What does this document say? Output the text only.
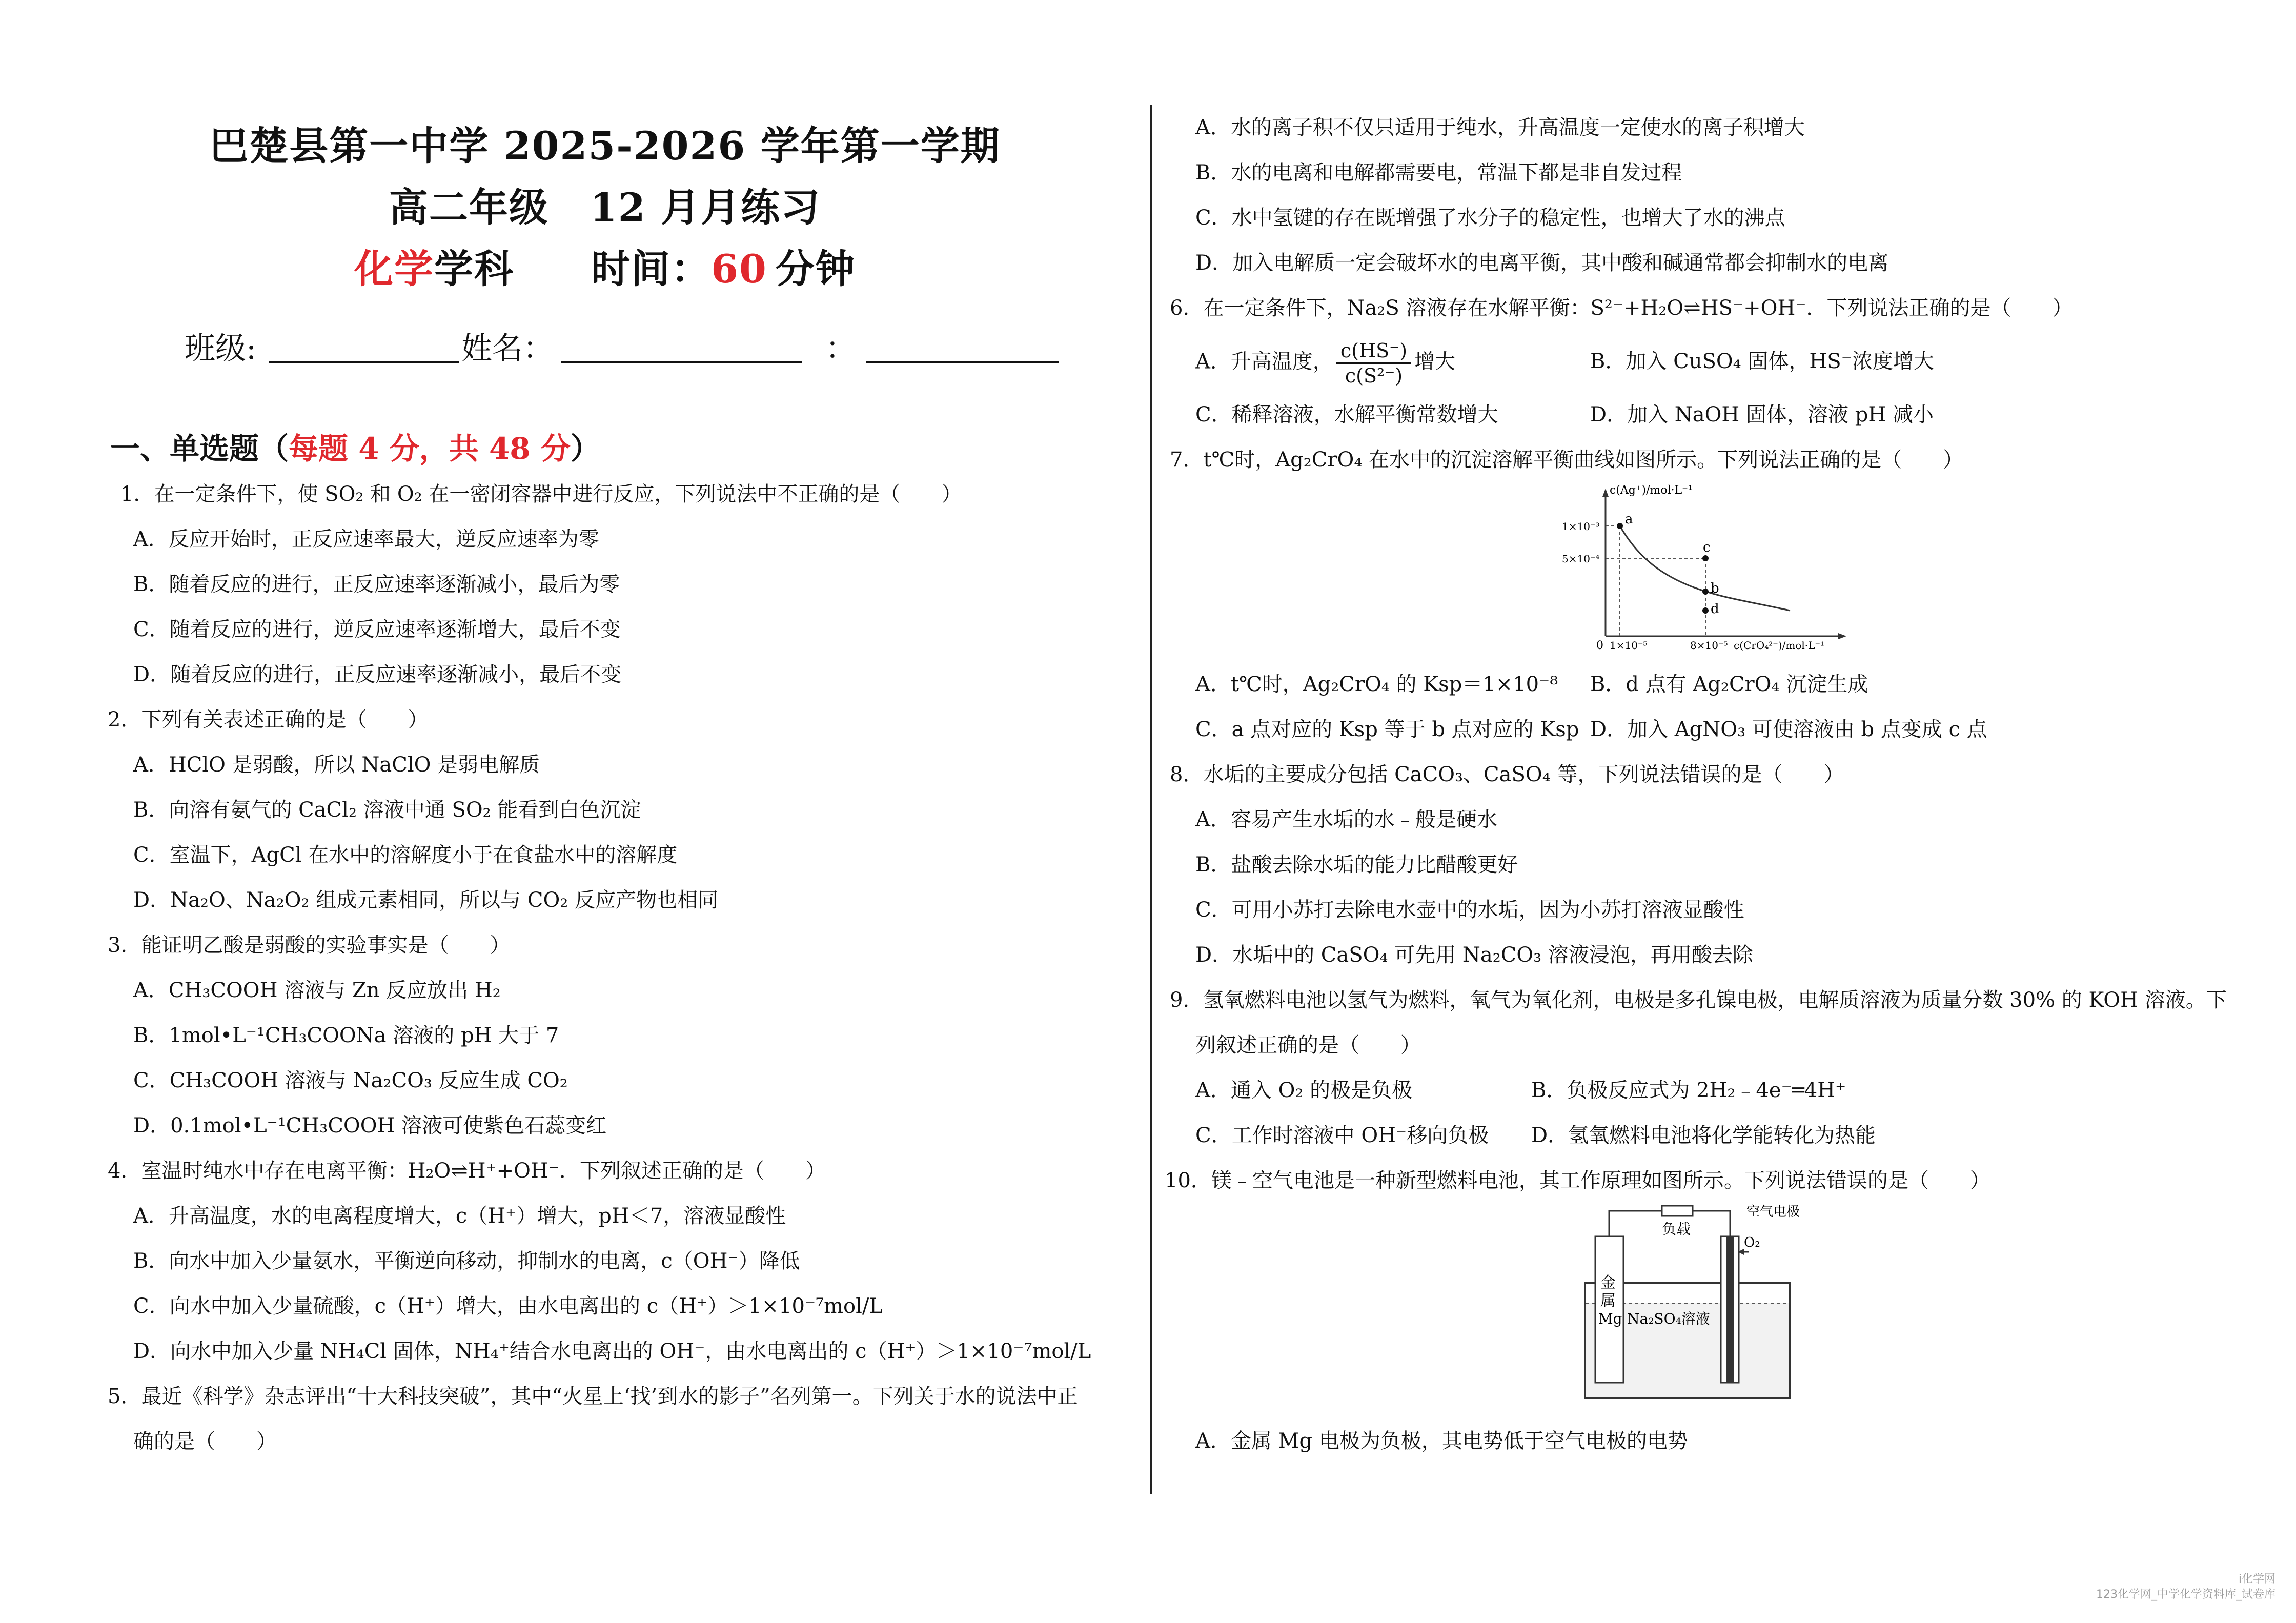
巴楚县第一中学 2025-2026 学年第一学期
高二年级 12 月月练习
化学学科 时间：60 分钟
班级:	姓名：	：
一、单选题（每题 4 分，共 48 分）

1．在一定条件下，使 SO₂ 和 O₂ 在一密闭容器中进行反应，下列说法中不正确的是（　　）

A．反应开始时，正反应速率最大，逆反应速率为零

B．随着反应的进行，正反应速率逐渐减小，最后为零

C．随着反应的进行，逆反应速率逐渐增大，最后不变

D．随着反应的进行，正反应速率逐渐减小，最后不变

2．下列有关表述正确的是（　　）

A．HClO 是弱酸，所以 NaClO 是弱电解质

B．向溶有氨气的 CaCl₂ 溶液中通 SO₂ 能看到白色沉淀

C．室温下，AgCl 在水中的溶解度小于在食盐水中的溶解度

D．Na₂O、Na₂O₂ 组成元素相同，所以与 CO₂ 反应产物也相同

3．能证明乙酸是弱酸的实验事实是（　　）

A．CH₃COOH 溶液与 Zn 反应放出 H₂

B．1mol•L⁻¹CH₃COONa 溶液的 pH 大于 7

C．CH₃COOH 溶液与 Na₂CO₃ 反应生成 CO₂

D．0.1mol•L⁻¹CH₃COOH 溶液可使紫色石蕊变红

4．室温时纯水中存在电离平衡：H₂O⇌H⁺+OH⁻．下列叙述正确的是（　　）

A．升高温度，水的电离程度增大，c（H⁺）增大，pH＜7，溶液显酸性

B．向水中加入少量氨水，平衡逆向移动，抑制水的电离，c（OH⁻）降低

C．向水中加入少量硫酸，c（H⁺）增大，由水电离出的 c（H⁺）＞1×10⁻⁷mol/L

D．向水中加入少量 NH₄Cl 固体，NH₄⁺结合水电离出的 OH⁻，由水电离出的 c（H⁺）＞1×10⁻⁷mol/L

5．最近《科学》杂志评出“十大科技突破”，其中“火星上‘找’到水的影子”名列第一。下列关于水的说法中正

确的是（　　）

A．水的离子积不仅只适用于纯水，升高温度一定使水的离子积增大

B．水的电离和电解都需要电，常温下都是非自发过程

C．水中氢键的存在既增强了水分子的稳定性，也增大了水的沸点

D．加入电解质一定会破坏水的电离平衡，其中酸和碱通常都会抑制水的电离

6．在一定条件下，Na₂S 溶液存在水解平衡：S²⁻+H₂O⇌HS⁻+OH⁻．下列说法正确的是（　　）

A．升高温度， $\frac{c(HS^-)}{\text{c(S²⁻)}}$ 增大	B．加入 CuSO₄ 固体，HS⁻浓度增大
C．稀释溶液，水解平衡常数增大	D．加入 NaOH 固体，溶液 pH 减小

7．t℃时，Ag₂CrO₄ 在水中的沉淀溶解平衡曲线如图所示。下列说法正确的是（　　）

a
c
b
d
c(Ag⁺)/mol·L⁻¹
1×10⁻³
5×10⁻⁴
0 1×10⁻⁵	8×10⁻⁵ c(CrO₄²⁻)/mol·L⁻¹
A．t℃时，Ag₂CrO₄ 的 Ksp＝1×10⁻⁸ B．d 点有 Ag₂CrO₄ 沉淀生成
C．a 点对应的 Ksp 等于 b 点对应的 Ksp D．加入 AgNO₃ 可使溶液由 b 点变成 c 点

8．水垢的主要成分包括 CaCO₃、CaSO₄ 等，下列说法错误的是（　　）

A．容易产生水垢的水﹣般是硬水

B．盐酸去除水垢的能力比醋酸更好

C．可用小苏打去除电水壶中的水垢，因为小苏打溶液显酸性

D．水垢中的 CaSO₄ 可先用 Na₂CO₃ 溶液浸泡，再用酸去除

9．氢氧燃料电池以氢气为燃料，氧气为氧化剂，电极是多孔镍电极，电解质溶液为质量分数 30% 的 KOH 溶液。下

列叙述正确的是（　　）

A．通入 O₂ 的极是负极	B．负极反应式为 2H₂﹣4e⁻═4H⁺
C．工作时溶液中 OH⁻移向负极 D．氢氧燃料电池将化学能转化为热能

10．镁﹣空气电池是一种新型燃料电池，其工作原理如图所示。下列说法错误的是（　　）

负载
空气电极
O₂
金
属
Mg Na₂SO₄溶液

A．金属 Mg 电极为负极，其电势低于空气电极的电势

i化学网
123化学网_中学化学资料库_试卷库
